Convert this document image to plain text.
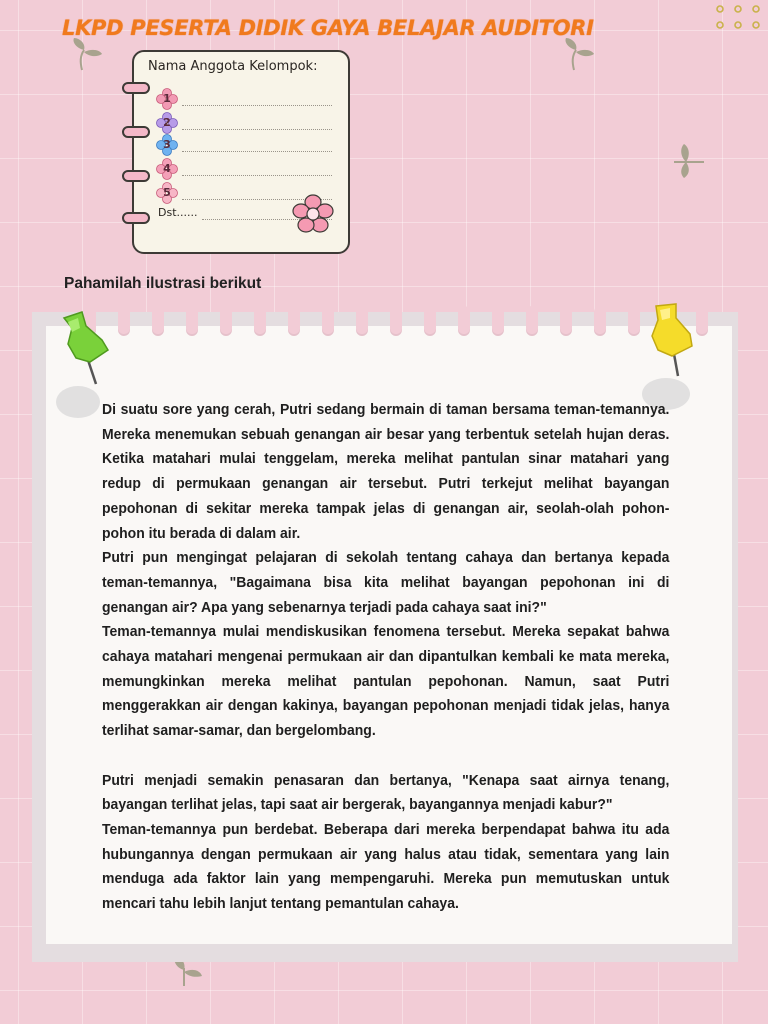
LKPD PESERTA DIDIK GAYA BELAJAR AUDITORI

Nama Anggota Kelompok:

1
2
3
4
5

Dst......

Pahamilah ilustrasi berikut

Di suatu sore yang cerah, Putri sedang bermain di taman bersama teman-temannya. Mereka menemukan sebuah genangan air besar yang terbentuk setelah hujan deras. Ketika matahari mulai tenggelam, mereka melihat pantulan sinar matahari yang redup di permukaan genangan air tersebut. Putri terkejut melihat bayangan pepohonan di sekitar mereka tampak jelas di genangan air, seolah-olah pohon-pohon itu berada di dalam air.

Putri pun mengingat pelajaran di sekolah tentang cahaya dan bertanya kepada teman-temannya, "Bagaimana bisa kita melihat bayangan pepohonan ini di genangan air? Apa yang sebenarnya terjadi pada cahaya saat ini?"

Teman-temannya mulai mendiskusikan fenomena tersebut. Mereka sepakat bahwa cahaya matahari mengenai permukaan air dan dipantulkan kembali ke mata mereka, memungkinkan mereka melihat pantulan pepohonan. Namun, saat Putri menggerakkan air dengan kakinya, bayangan pepohonan menjadi tidak jelas, hanya terlihat samar-samar, dan bergelombang.

Putri menjadi semakin penasaran dan bertanya, "Kenapa saat airnya tenang, bayangan terlihat jelas, tapi saat air bergerak, bayangannya menjadi kabur?"

Teman-temannya pun berdebat. Beberapa dari mereka berpendapat bahwa itu ada hubungannya dengan permukaan air yang halus atau tidak, sementara yang lain menduga ada faktor lain yang mempengaruhi. Mereka pun memutuskan untuk mencari tahu lebih lanjut tentang pemantulan cahaya.
